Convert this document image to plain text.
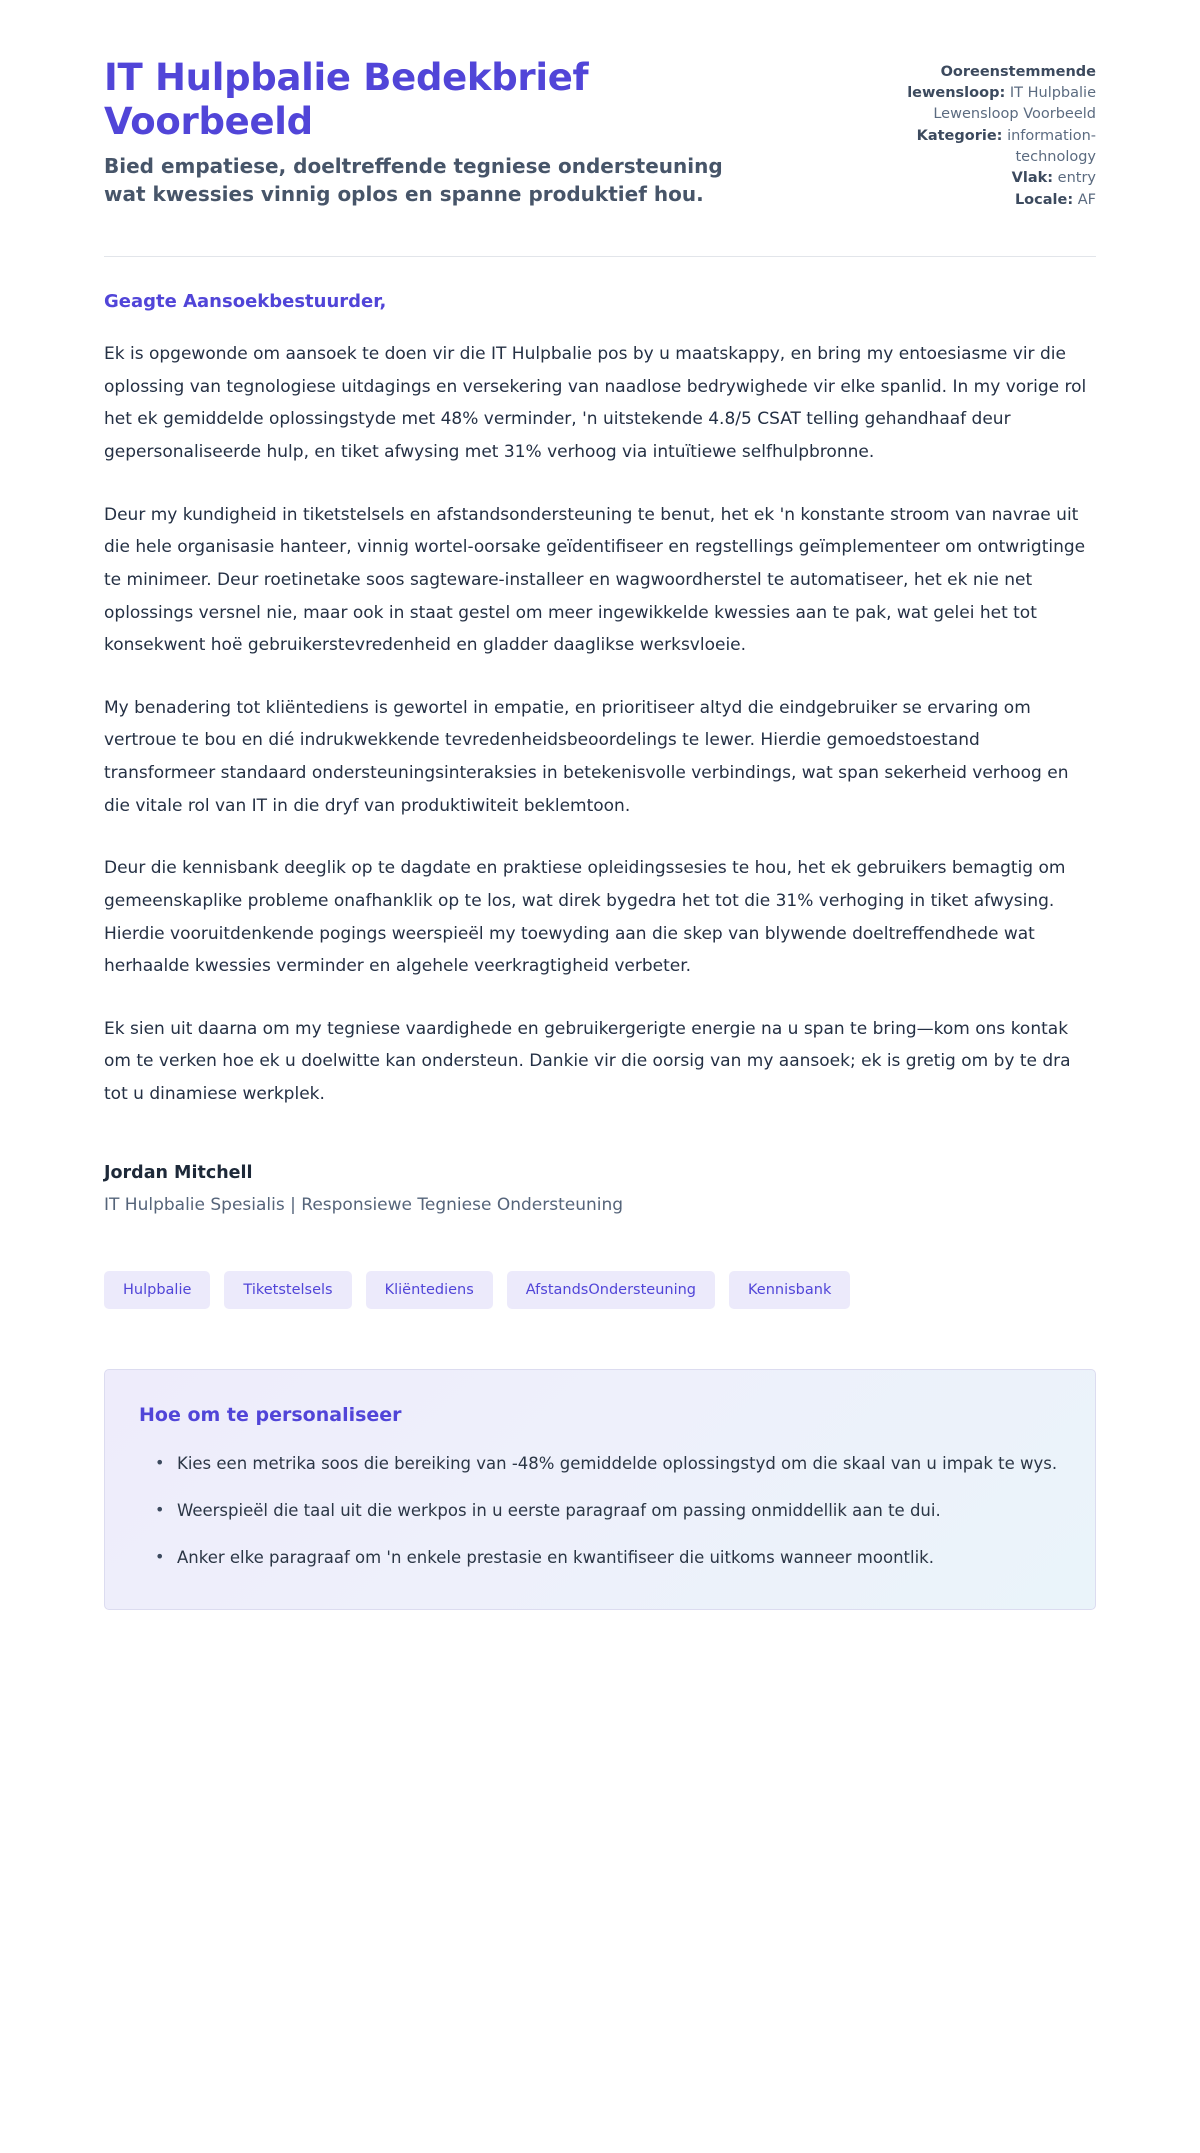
IT Hulpbalie Bedekbrief Voorbeeld

Bied empatiese, doeltreffende tegniese ondersteuning wat kwessies vinnig oplos en spanne produktief hou.

Ooreenstemmende lewensloop: IT Hulpbalie Lewensloop Voorbeeld
Kategorie: information-technology
Vlak: entry
Locale: AF

Geagte Aansoekbestuurder,

Ek is opgewonde om aansoek te doen vir die IT Hulpbalie pos by u maatskappy, en bring my entoesiasme vir die oplossing van tegnologiese uitdagings en versekering van naadlose bedrywighede vir elke spanlid. In my vorige rol het ek gemiddelde oplossingstyde met 48% verminder, 'n uitstekende 4.8/5 CSAT telling gehandhaaf deur gepersonaliseerde hulp, en tiket afwysing met 31% verhoog via intuïtiewe selfhulpbronne.

Deur my kundigheid in tiketstelsels en afstandsondersteuning te benut, het ek 'n konstante stroom van navrae uit die hele organisasie hanteer, vinnig wortel-oorsake geïdentifiseer en regstellings geïmplementeer om ontwrigtinge te minimeer. Deur roetinetake soos sagteware-installeer en wagwoordherstel te automatiseer, het ek nie net oplossings versnel nie, maar ook in staat gestel om meer ingewikkelde kwessies aan te pak, wat gelei het tot konsekwent hoë gebruikerstevredenheid en gladder daaglikse werksvloeie.

My benadering tot kliëntediens is gewortel in empatie, en prioritiseer altyd die eindgebruiker se ervaring om vertroue te bou en dié indrukwekkende tevredenheidsbeoordelings te lewer. Hierdie gemoedstoestand transformeer standaard ondersteuningsinteraksies in betekenisvolle verbindings, wat span sekerheid verhoog en die vitale rol van IT in die dryf van produktiwiteit beklemtoon.

Deur die kennisbank deeglik op te dagdate en praktiese opleidingssesies te hou, het ek gebruikers bemagtig om gemeenskaplike probleme onafhanklik op te los, wat direk bygedra het tot die 31% verhoging in tiket afwysing. Hierdie vooruitdenkende pogings weerspieël my toewyding aan die skep van blywende doeltreffendhede wat herhaalde kwessies verminder en algehele veerkragtigheid verbeter.

Ek sien uit daarna om my tegniese vaardighede en gebruikergerigte energie na u span te bring—kom ons kontak om te verken hoe ek u doelwitte kan ondersteun. Dankie vir die oorsig van my aansoek; ek is gretig om by te dra tot u dinamiese werkplek.

Jordan Mitchell

IT Hulpbalie Spesialis | Responsiewe Tegniese Ondersteuning

Hulpbalie	Tiketstelsels	Kliëntediens	AfstandsOndersteuning	Kennisbank
Hoe om te personaliseer
• Kies een metrika soos die bereiking van -48% gemiddelde oplossingstyd om die skaal van u impak te wys.
• Weerspieël die taal uit die werkpos in u eerste paragraaf om passing onmiddellik aan te dui.
• Anker elke paragraaf om 'n enkele prestasie en kwantifiseer die uitkoms wanneer moontlik.
